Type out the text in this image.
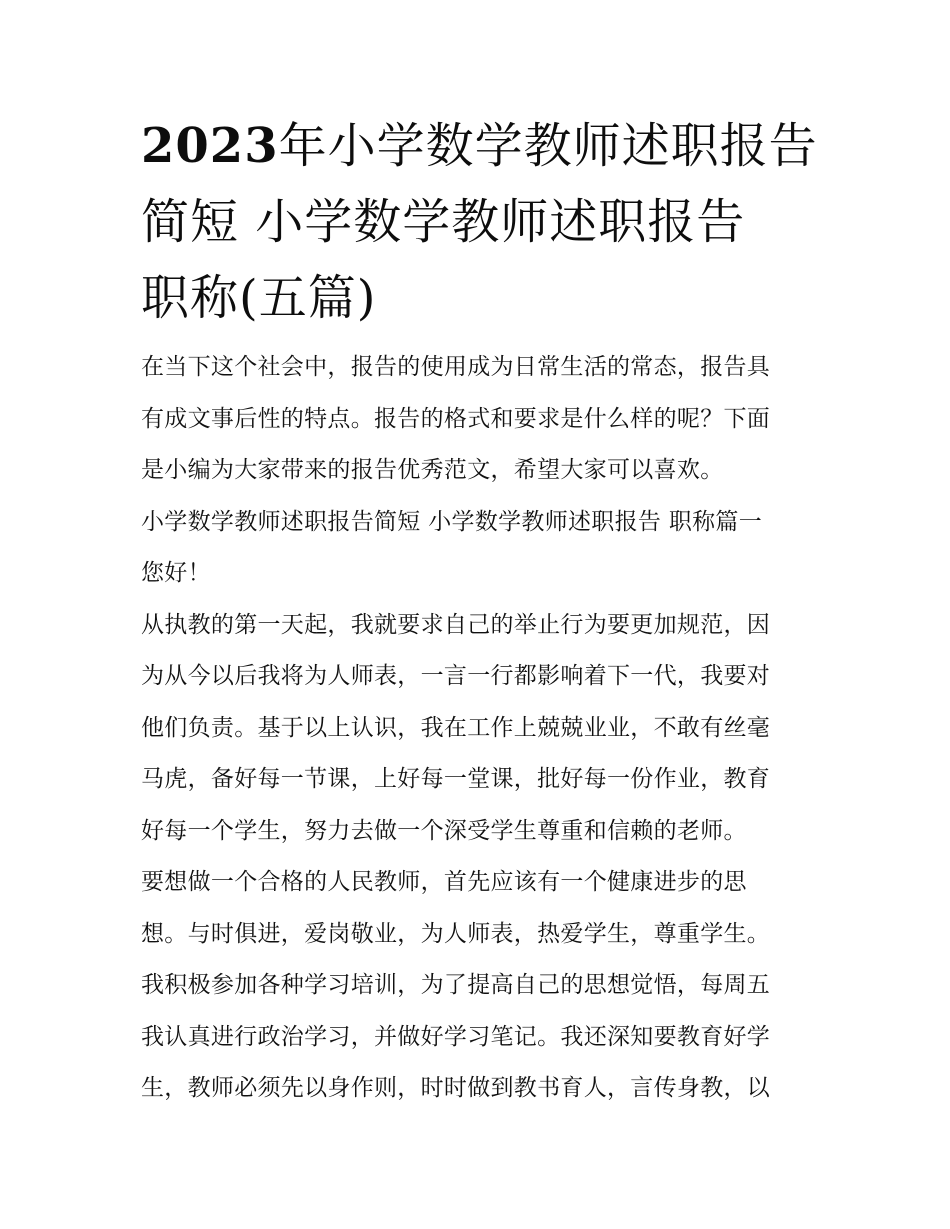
2023年小学数学教师述职报告
简短 小学数学教师述职报告
职称(五篇)
在当下这个社会中，报告的使用成为日常生活的常态，报告具
有成文事后性的特点。报告的格式和要求是什么样的呢？下面
是小编为大家带来的报告优秀范文，希望大家可以喜欢。
小学数学教师述职报告简短 小学数学教师述职报告 职称篇一
您好！
从执教的第一天起，我就要求自己的举止行为要更加规范，因
为从今以后我将为人师表，一言一行都影响着下一代，我要对
他们负责。基于以上认识，我在工作上兢兢业业，不敢有丝毫
马虎，备好每一节课，上好每一堂课，批好每一份作业，教育
好每一个学生，努力去做一个深受学生尊重和信赖的老师。
要想做一个合格的人民教师，首先应该有一个健康进步的思
想。与时俱进，爱岗敬业，为人师表，热爱学生，尊重学生。
我积极参加各种学习培训，为了提高自己的思想觉悟，每周五
我认真进行政治学习，并做好学习笔记。我还深知要教育好学
生，教师必须先以身作则，时时做到教书育人，言传身教，以
